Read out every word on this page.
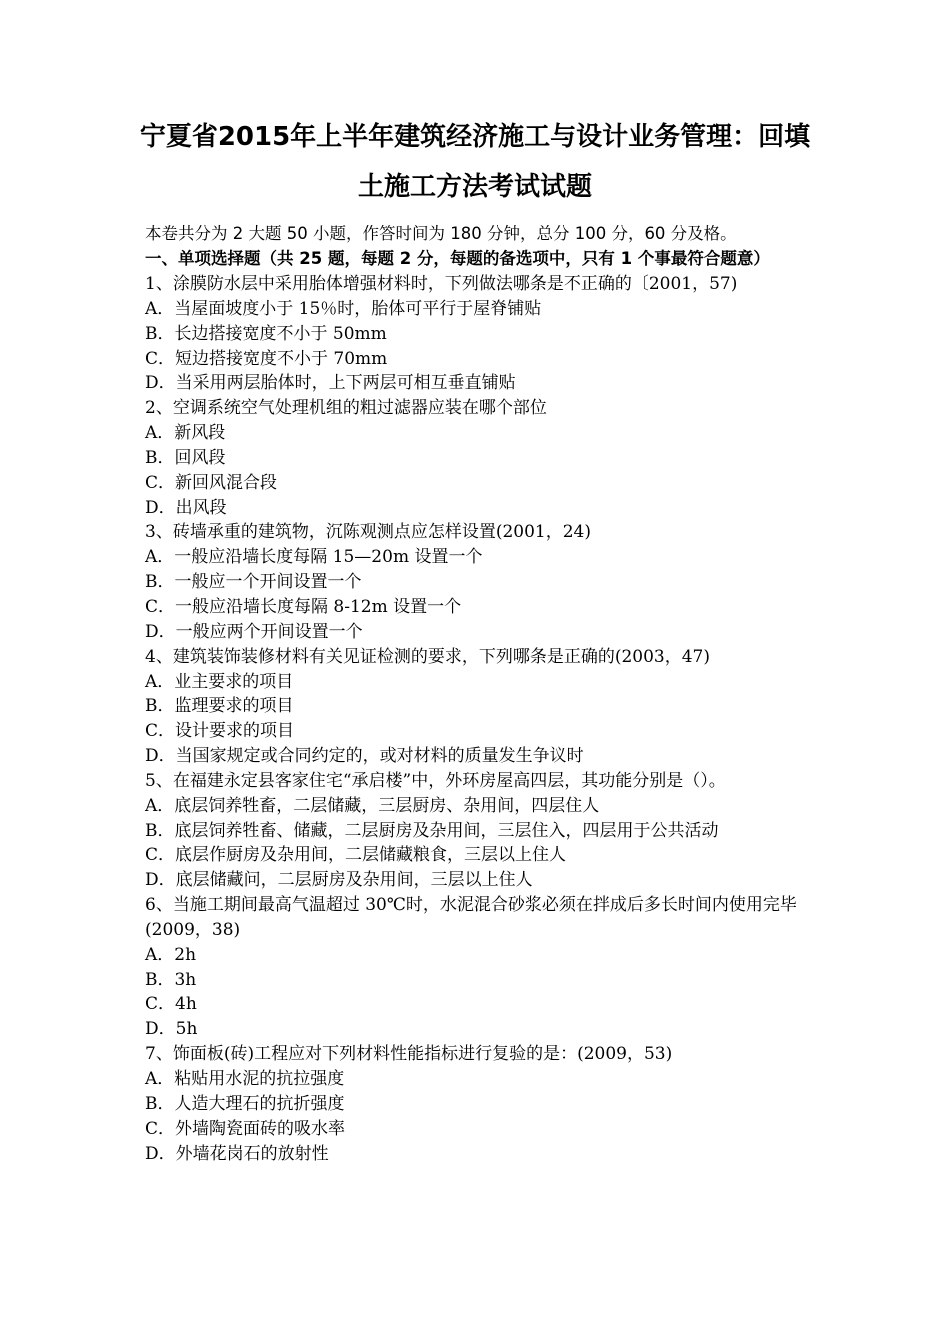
宁夏省2015年上半年建筑经济施工与设计业务管理：回填
土施工方法考试试题
本卷共分为 2 大题 50 小题，作答时间为 180 分钟，总分 100 分，60 分及格。
一、单项选择题（共 25 题，每题 2 分，每题的备选项中，只有 1 个事最符合题意）
1、涂膜防水层中采用胎体增强材料时，下列做法哪条是不正确的〔2001，57)
A．当屋面坡度小于 15％时，胎体可平行于屋脊铺贴
B．长边搭接宽度不小于 50mm
C．短边搭接宽度不小于 70mm
D．当采用两层胎体时，上下两层可相互垂直铺贴
2、空调系统空气处理机组的粗过滤器应装在哪个部位
A．新风段
B．回风段
C．新回风混合段
D．出风段
3、砖墙承重的建筑物，沉陈观测点应怎样设置(2001，24)
A．一般应沿墙长度每隔 15—20m 设置一个
B．一般应一个开间设置一个
C．一般应沿墙长度每隔 8-12m 设置一个
D．一般应两个开间设置一个
4、建筑装饰装修材料有关见证检测的要求，下列哪条是正确的(2003，47)
A．业主要求的项目
B．监理要求的项目
C．设计要求的项目
D．当国家规定或合同约定的，或对材料的质量发生争议时
5、在福建永定县客家住宅“承启楼”中，外环房屋高四层，其功能分别是（）。
A．底层饲养牲畜，二层储藏，三层厨房、杂用间，四层住人
B．底层饲养牲畜、储藏，二层厨房及杂用间，三层住入，四层用于公共活动
C．底层作厨房及杂用间，二层储藏粮食，三层以上住人
D．底层储藏问，二层厨房及杂用间，三层以上住人
6、当施工期间最高气温超过 30℃时，水泥混合砂浆必须在拌成后多长时间内使用完毕(2009，38)
A．2h
B．3h
C．4h
D．5h
7、饰面板(砖)工程应对下列材料性能指标进行复验的是：(2009，53)
A．粘贴用水泥的抗拉强度
B．人造大理石的抗折强度
C．外墙陶瓷面砖的吸水率
D．外墙花岗石的放射性
